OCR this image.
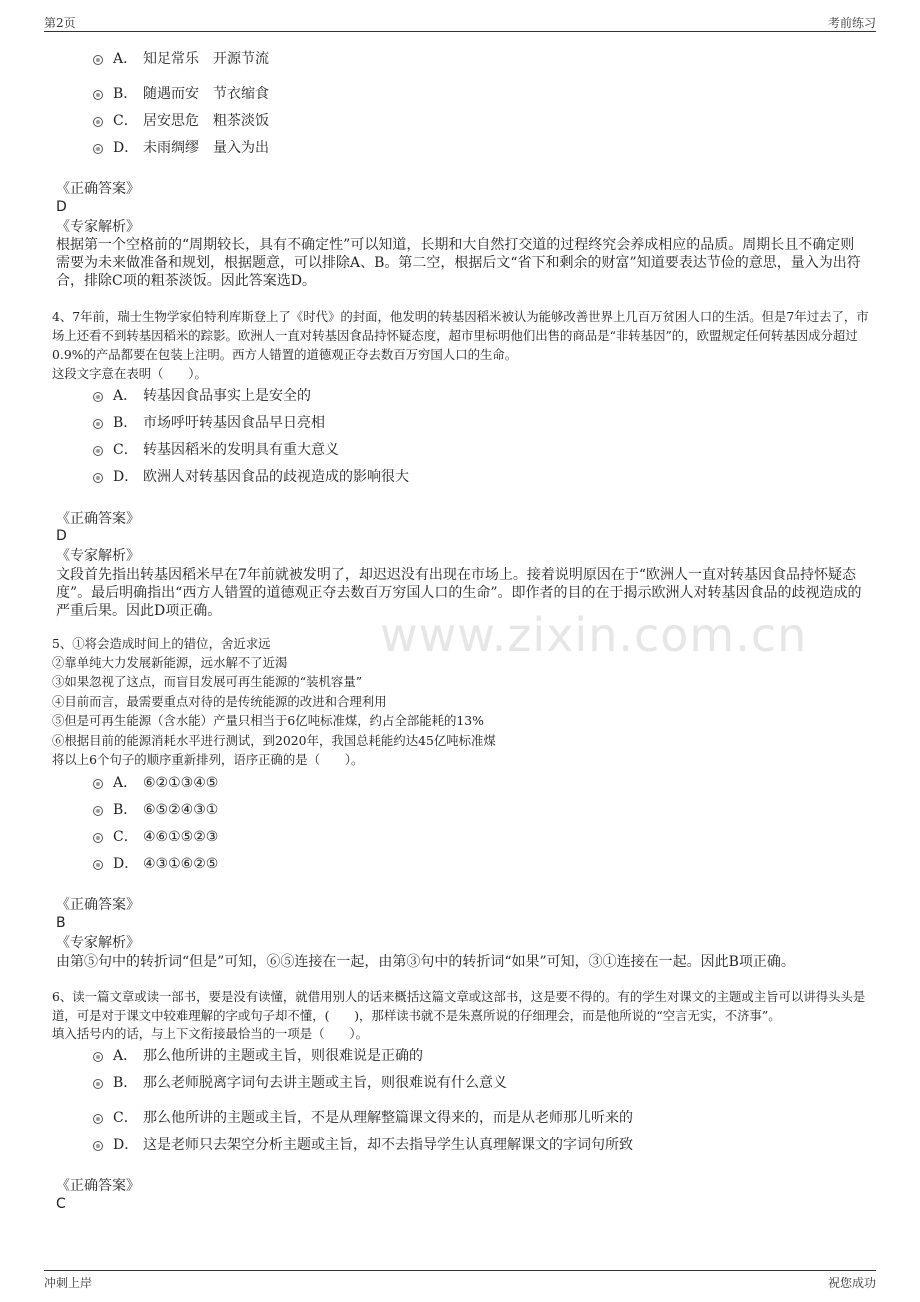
第2页	考前练习
www.zixin.com.cn
A． 知足常乐　开源节流
B． 随遇而安　节衣缩食
C． 居安思危　粗茶淡饭
D． 未雨绸缪　量入为出
《正确答案》
D
《专家解析》
根据第一个空格前的“周期较长，具有不确定性”可以知道，长期和大自然打交道的过程终究会养成相应的品质。周期长且不确定则需要为未来做准备和规划，根据题意，可以排除A、B。第二空，根据后文“省下和剩余的财富”知道要表达节俭的意思，量入为出符合，排除C项的粗茶淡饭。因此答案选D。
4、7年前，瑞士生物学家伯特利库斯登上了《时代》的封面，他发明的转基因稻米被认为能够改善世界上几百万贫困人口的生活。但是7年过去了，市场上还看不到转基因稻米的踪影。欧洲人一直对转基因食品持怀疑态度，超市里标明他们出售的商品是“非转基因”的，欧盟规定任何转基因成分超过0.9%的产品都要在包装上注明。西方人错置的道德观正夺去数百万穷国人口的生命。
这段文字意在表明（　　）。
A． 转基因食品事实上是安全的
B． 市场呼吁转基因食品早日亮相
C． 转基因稻米的发明具有重大意义
D． 欧洲人对转基因食品的歧视造成的影响很大
《正确答案》
D
《专家解析》
文段首先指出转基因稻米早在7年前就被发明了，却迟迟没有出现在市场上。接着说明原因在于“欧洲人一直对转基因食品持怀疑态度”。最后明确指出“西方人错置的道德观正夺去数百万穷国人口的生命”。即作者的目的在于揭示欧洲人对转基因食品的歧视造成的严重后果。因此D项正确。
5、①将会造成时间上的错位，舍近求远
②靠单纯大力发展新能源，远水解不了近渴
③如果忽视了这点，而盲目发展可再生能源的“装机容量”
④目前而言，最需要重点对待的是传统能源的改进和合理利用
⑤但是可再生能源（含水能）产量只相当于6亿吨标准煤，约占全部能耗的13%
⑥根据目前的能源消耗水平进行测试，到2020年，我国总耗能约达45亿吨标准煤
将以上6个句子的顺序重新排列，语序正确的是（　　）。
A． ⑥②①③④⑤
B． ⑥⑤②④③①
C． ④⑥①⑤②③
D． ④③①⑥②⑤
《正确答案》
B
《专家解析》
由第⑤句中的转折词“但是”可知，⑥⑤连接在一起，由第③句中的转折词“如果”可知，③①连接在一起。因此B项正确。
6、读一篇文章或读一部书，要是没有读懂，就借用别人的话来概括这篇文章或这部书，这是要不得的。有的学生对课文的主题或主旨可以讲得头头是道，可是对于课文中较难理解的字或句子却不懂，(　　)，那样读书就不是朱熹所说的仔细理会，而是他所说的“空言无实，不济事”。
填入括号内的话，与上下文衔接最恰当的一项是（　　）。
A． 那么他所讲的主题或主旨，则很难说是正确的
B． 那么老师脱离字词句去讲主题或主旨，则很难说有什么意义
C． 那么他所讲的主题或主旨，不是从理解整篇课文得来的，而是从老师那儿听来的
D． 这是老师只去架空分析主题或主旨，却不去指导学生认真理解课文的字词句所致
《正确答案》
C
冲刺上岸	祝您成功
